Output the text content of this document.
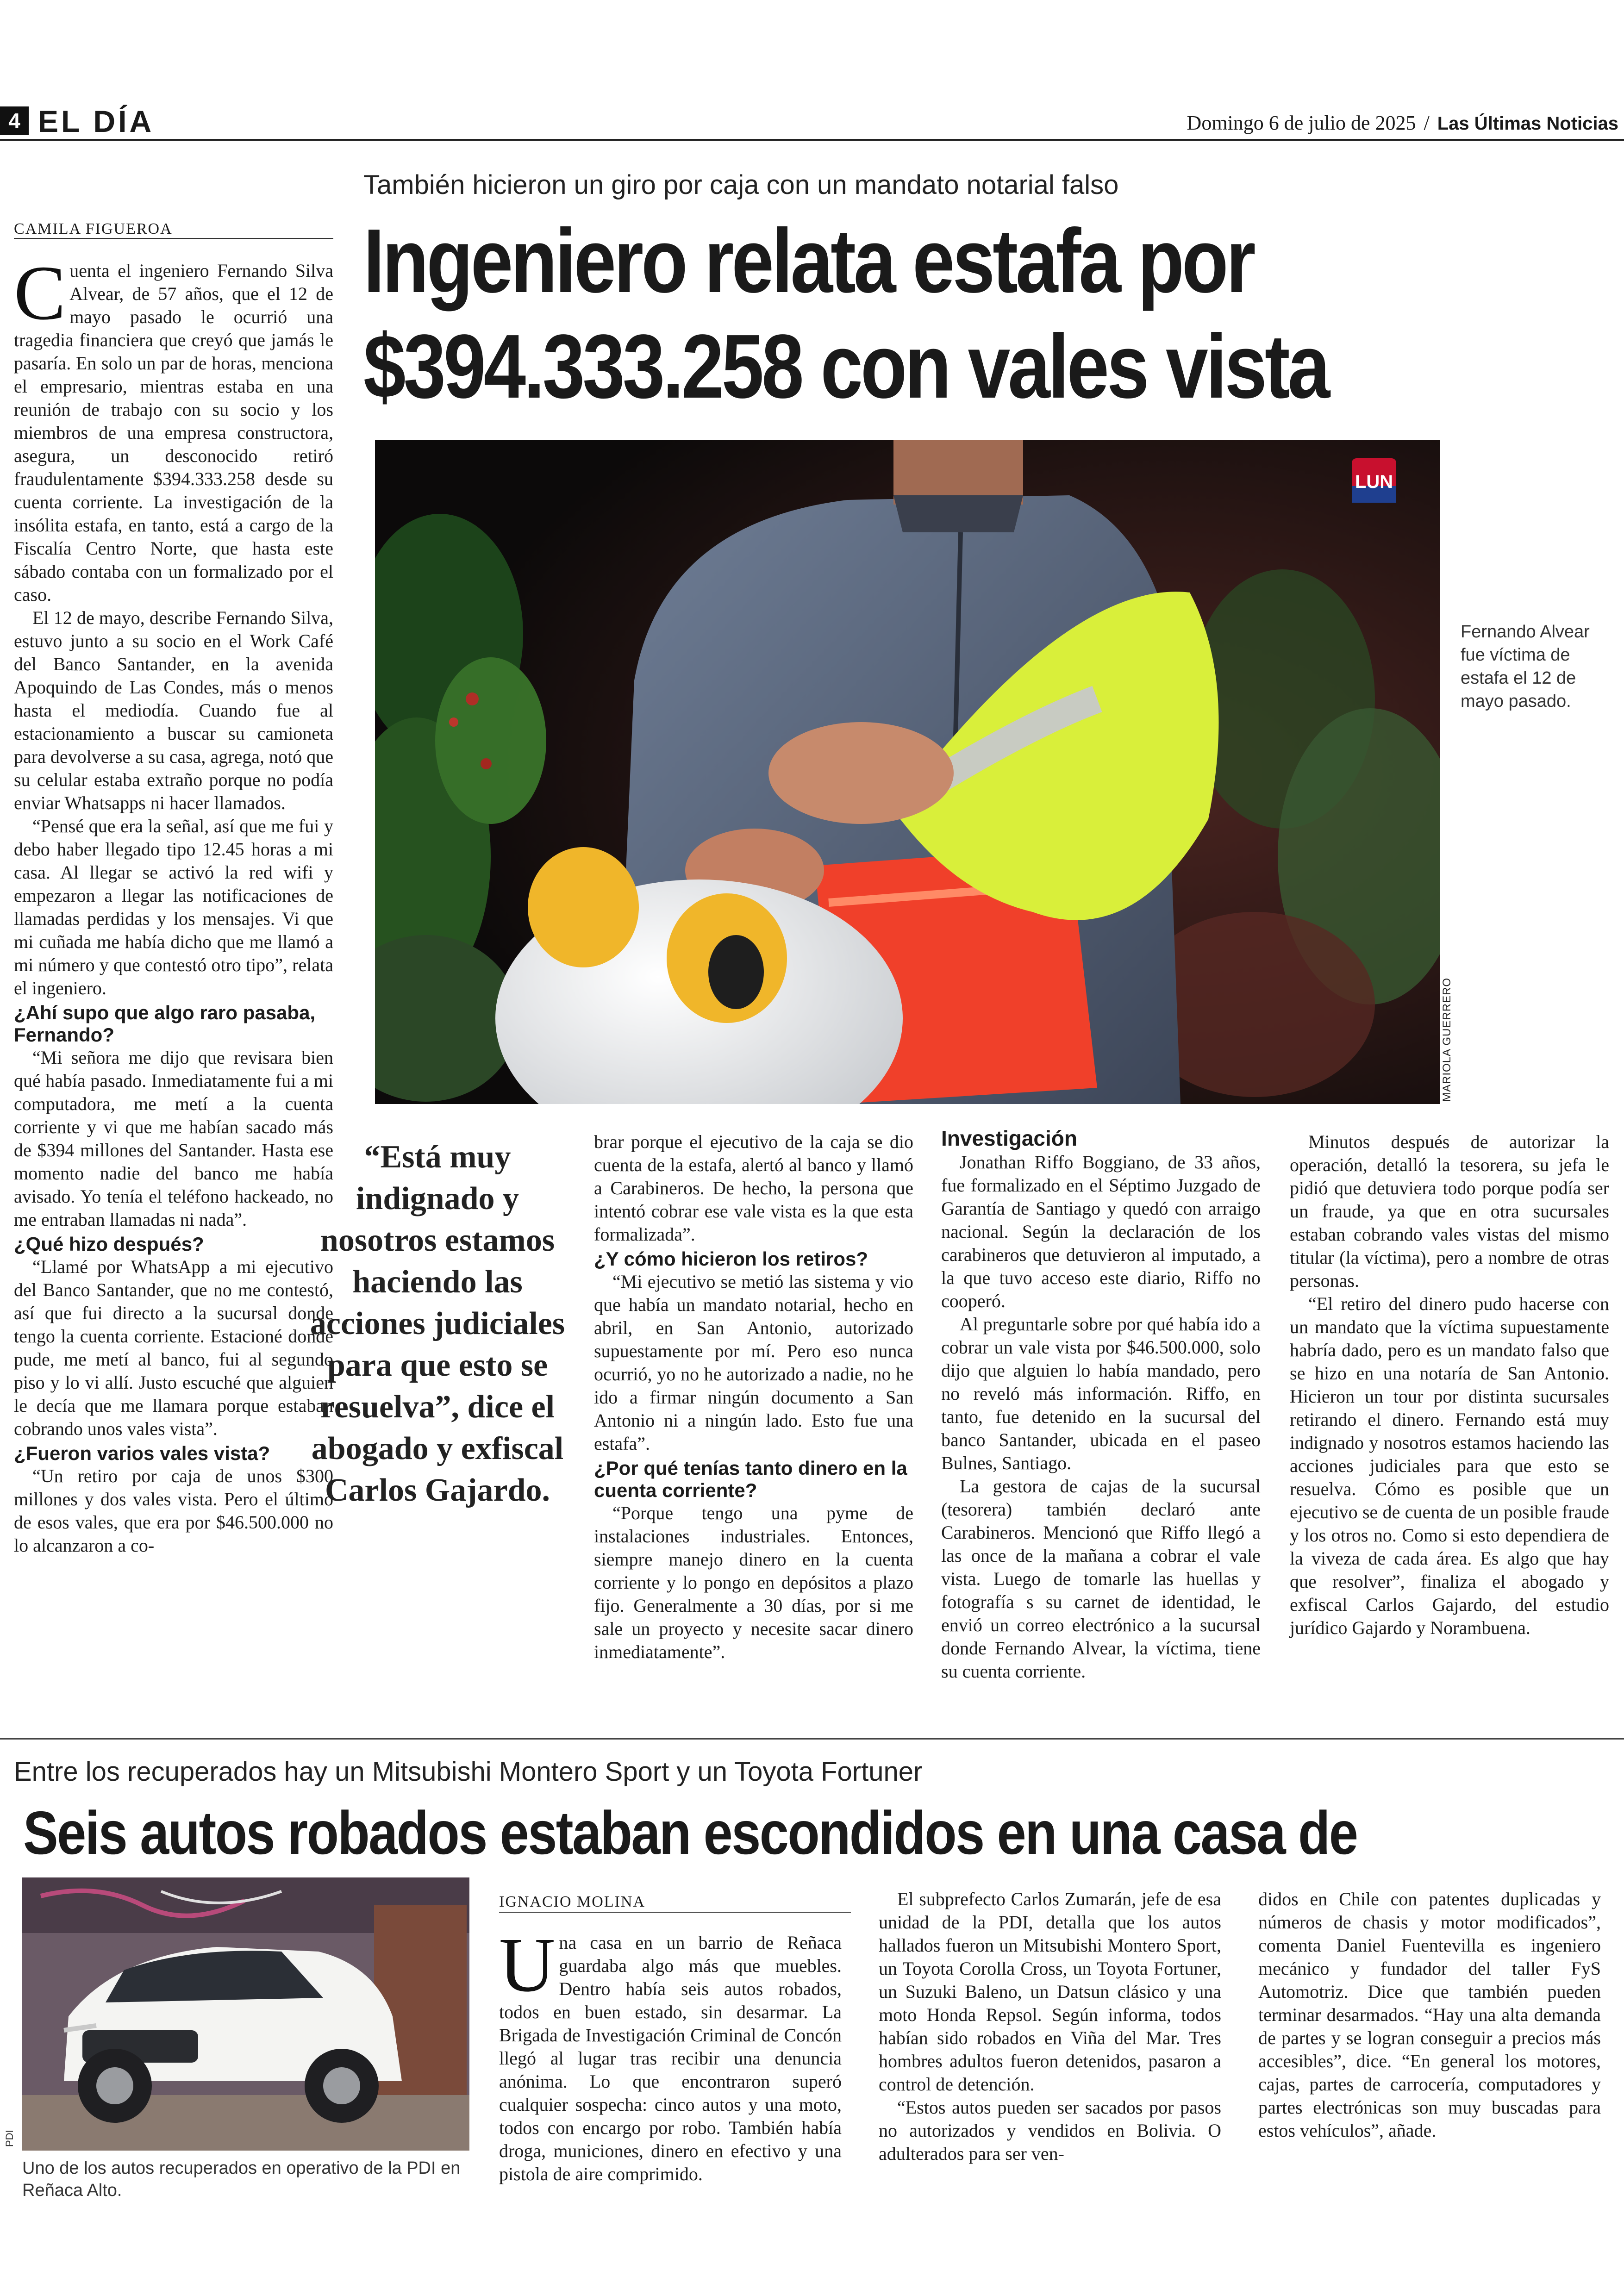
4 EL DÍA	Domingo 6 de julio de 2025 / Las Últimas Noticias
CAMILA FIGUEROA
También hicieron un giro por caja con un mandato notarial falso
Ingeniero relata estafa por
$394.333.258 con vales vista
LUN
MARIOLA GUERRERO
Fernando Alvear fue víctima de estafa el 12 de mayo pasado.

Cuenta el ingeniero Fernando Silva Alvear, de 57 años, que el 12 de mayo pasado le ocurrió una tragedia financiera que creyó que jamás le pasaría. En solo un par de horas, menciona el empresario, mientras estaba en una reunión de trabajo con su socio y los miembros de una empresa constructora, asegura, un desconocido retiró fraudulentamente $394.333.258 desde su cuenta corriente. La investigación de la insólita estafa, en tanto, está a cargo de la Fiscalía Centro Norte, que hasta este sábado contaba con un formalizado por el caso.

El 12 de mayo, describe Fernando Silva, estuvo junto a su socio en el Work Café del Banco Santander, en la avenida Apoquindo de Las Condes, más o menos hasta el mediodía. Cuando fue al estacionamiento a buscar su camioneta para devolverse a su casa, agrega, notó que su celular estaba extraño porque no podía enviar Whatsapps ni hacer llamados.

“Pensé que era la señal, así que me fui y debo haber llegado tipo 12.45 horas a mi casa. Al llegar se activó la red wifi y empezaron a llegar las notificaciones de llamadas perdidas y los mensajes. Vi que mi cuñada me había dicho que me llamó a mi número y que contestó otro tipo”, relata el ingeniero.

¿Ahí supo que algo raro pasaba, Fernando?

“Mi señora me dijo que revisara bien qué había pasado. Inmediatamente fui a mi computadora, me metí a la cuenta corriente y vi que me habían sacado más de $394 millones del Santander. Hasta ese momento nadie del banco me había avisado. Yo tenía el teléfono hackeado, no me entraban llamadas ni nada”.

¿Qué hizo después?

“Llamé por WhatsApp a mi ejecutivo del Banco Santander, que no me contestó, así que fui directo a la sucursal donde tengo la cuenta corriente. Estacioné donde pude, me metí al banco, fui al segundo piso y lo vi allí. Justo escuché que alguien le decía que me llamara porque estaban cobrando unos vales vista”.

¿Fueron varios vales vista?

“Un retiro por caja de unos $300 millones y dos vales vista. Pero el último de esos vales, que era por $46.500.000 no lo alcanzaron a co-

“Está muy indignado y nosotros estamos haciendo las acciones judiciales para que esto se resuelva”, dice el abogado y exfiscal Carlos Gajardo.

brar porque el ejecutivo de la caja se dio cuenta de la estafa, alertó al banco y llamó a Carabineros. De hecho, la persona que intentó cobrar ese vale vista es la que esta formalizada”.

¿Y cómo hicieron los retiros?

“Mi ejecutivo se metió las sistema y vio que había un mandato notarial, hecho en abril, en San Antonio, autorizado supuestamente por mí. Pero eso nunca ocurrió, yo no he autorizado a nadie, no he ido a firmar ningún documento a San Antonio ni a ningún lado. Esto fue una estafa”.

¿Por qué tenías tanto dinero en la cuenta corriente?

“Porque tengo una pyme de instalaciones industriales. Entonces, siempre manejo dinero en la cuenta corriente y lo pongo en depósitos a plazo fijo. Generalmente a 30 días, por si me sale un proyecto y necesite sacar dinero inmediatamente”.

Investigación

Jonathan Riffo Boggiano, de 33 años, fue formalizado en el Séptimo Juzgado de Garantía de Santiago y quedó con arraigo nacional. Según la declaración de los carabineros que detuvieron al imputado, a la que tuvo acceso este diario, Riffo no cooperó.

Al preguntarle sobre por qué había ido a cobrar un vale vista por $46.500.000, solo dijo que alguien lo había mandado, pero no reveló más información. Riffo, en tanto, fue detenido en la sucursal del banco Santander, ubicada en el paseo Bulnes, Santiago.

La gestora de cajas de la sucursal (tesorera) también declaró ante Carabineros. Mencionó que Riffo llegó a las once de la mañana a cobrar el vale vista. Luego de tomarle las huellas y fotografía s su carnet de identidad, le envió un correo electrónico a la sucursal donde Fernando Alvear, la víctima, tiene su cuenta corriente.

Minutos después de autorizar la operación, detalló la tesorera, su jefa le pidió que detuviera todo porque podía ser un fraude, ya que en otra sucursales estaban cobrando vales vistas del mismo titular (la víctima), pero a nombre de otras personas.

“El retiro del dinero pudo hacerse con un mandato que la víctima supuestamente habría dado, pero es un mandato falso que se hizo en una notaría de San Antonio. Hicieron un tour por distinta sucursales retirando el dinero. Fernando está muy indignado y nosotros estamos haciendo las acciones judiciales para que esto se resuelva. Cómo es posible que un ejecutivo se de cuenta de un posible fraude y los otros no. Como si esto dependiera de la viveza de cada área. Es algo que hay que resolver”, finaliza el abogado y exfiscal Carlos Gajardo, del estudio jurídico Gajardo y Norambuena.

Entre los recuperados hay un Mitsubishi Montero Sport y un Toyota Fortuner
Seis autos robados estaban escondidos en una casa de
PDI
Uno de los autos recuperados en operativo de la PDI en Reñaca Alto.
IGNACIO MOLINA

Una casa en un barrio de Reñaca guardaba algo más que muebles. Dentro había seis autos robados, todos en buen estado, sin desarmar. La Brigada de Investigación Criminal de Concón llegó al lugar tras recibir una denuncia anónima. Lo que encontraron superó cualquier sospecha: cinco autos y una moto, todos con encargo por robo. También había droga, municiones, dinero en efectivo y una pistola de aire comprimido.

El subprefecto Carlos Zumarán, jefe de esa unidad de la PDI, detalla que los autos hallados fueron un Mitsubishi Montero Sport, un Toyota Corolla Cross, un Toyota Fortuner, un Suzuki Baleno, un Datsun clásico y una moto Honda Repsol. Según informa, todos habían sido robados en Viña del Mar. Tres hombres adultos fueron detenidos, pasaron a control de detención.

“Estos autos pueden ser sacados por pasos no autorizados y vendidos en Bolivia. O adulterados para ser ven-

didos en Chile con patentes duplicadas y números de chasis y motor modificados”, comenta Daniel Fuentevilla es ingeniero mecánico y fundador del taller FyS Automotriz. Dice que también pueden terminar desarmados. “Hay una alta demanda de partes y se logran conseguir a precios más accesibles”, dice. “En general los motores, cajas, partes de carrocería, computadores y partes electrónicas son muy buscadas para estos vehículos”, añade.
